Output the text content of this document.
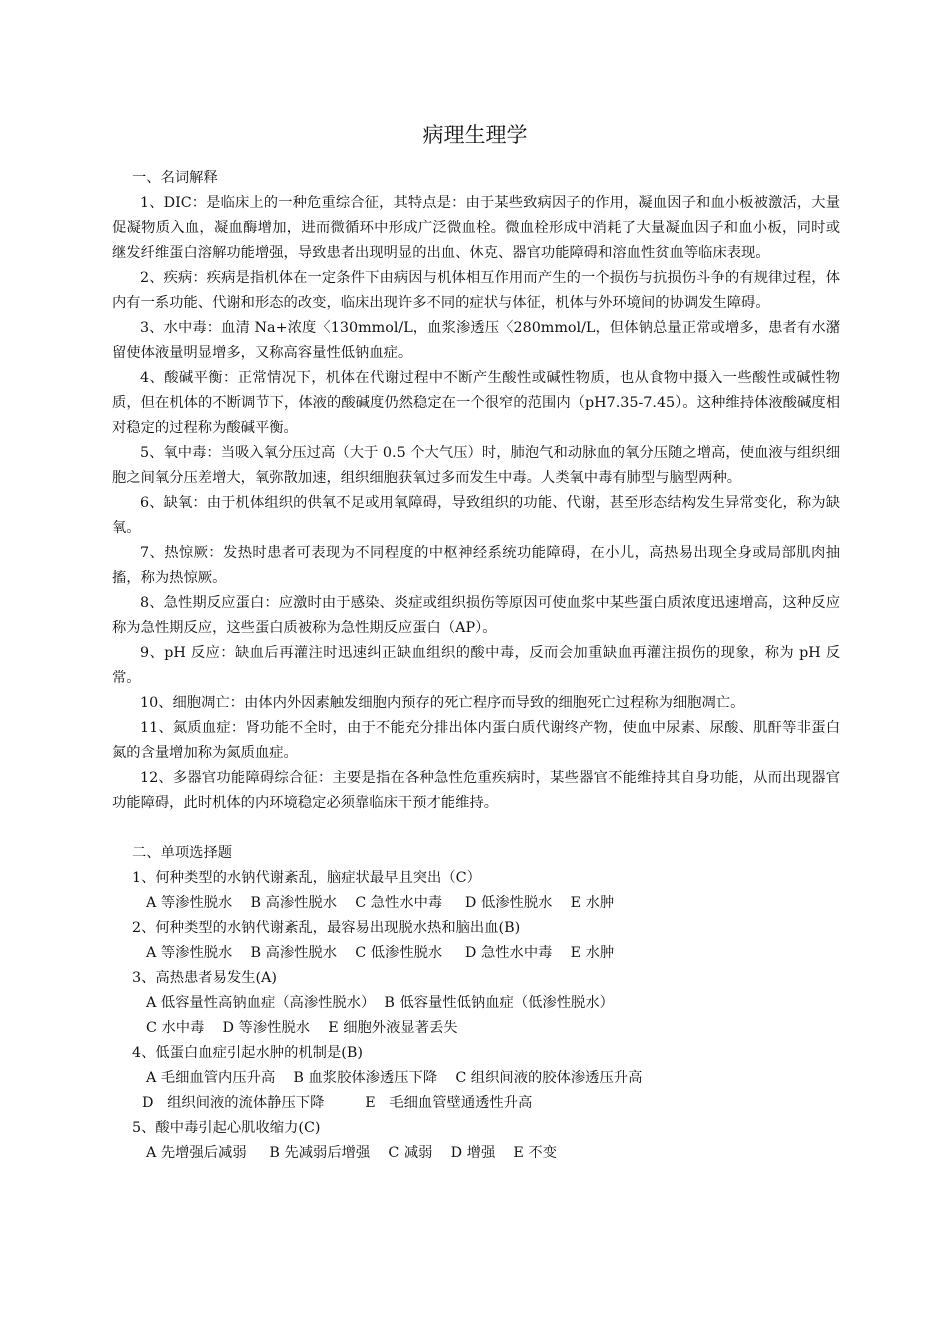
病理生理学

一、名词解释

1、DIC：是临床上的一种危重综合征，其特点是：由于某些致病因子的作用，凝血因子和血小板被激活，大量促凝物质入血，凝血酶增加，进而微循环中形成广泛微血栓。微血栓形成中消耗了大量凝血因子和血小板，同时或继发纤维蛋白溶解功能增强，导致患者出现明显的出血、休克、器官功能障碍和溶血性贫血等临床表现。

2、疾病：疾病是指机体在一定条件下由病因与机体相互作用而产生的一个损伤与抗损伤斗争的有规律过程，体内有一系功能、代谢和形态的改变，临床出现许多不同的症状与体征，机体与外环境间的协调发生障碍。

3、水中毒：血清 Na+浓度〈130mmol/L，血浆渗透压〈280mmol/L，但体钠总量正常或增多，患者有水潴留使体液量明显增多，又称高容量性低钠血症。

4、酸碱平衡：正常情况下，机体在代谢过程中不断产生酸性或碱性物质，也从食物中摄入一些酸性或碱性物质，但在机体的不断调节下，体液的酸碱度仍然稳定在一个很窄的范围内（pH7.35-7.45）。这种维持体液酸碱度相对稳定的过程称为酸碱平衡。

5、氧中毒：当吸入氧分压过高（大于 0.5 个大气压）时，肺泡气和动脉血的氧分压随之增高，使血液与组织细胞之间氧分压差增大，氧弥散加速，组织细胞获氧过多而发生中毒。人类氧中毒有肺型与脑型两种。

6、缺氧：由于机体组织的供氧不足或用氧障碍，导致组织的功能、代谢，甚至形态结构发生异常变化，称为缺氧。

7、热惊厥：发热时患者可表现为不同程度的中枢神经系统功能障碍，在小儿，高热易出现全身或局部肌肉抽搐，称为热惊厥。

8、急性期反应蛋白：应激时由于感染、炎症或组织损伤等原因可使血浆中某些蛋白质浓度迅速增高，这种反应称为急性期反应，这些蛋白质被称为急性期反应蛋白（AP）。

9、pH 反应：缺血后再灌注时迅速纠正缺血组织的酸中毒，反而会加重缺血再灌注损伤的现象，称为 pH 反常。

10、细胞凋亡：由体内外因素触发细胞内预存的死亡程序而导致的细胞死亡过程称为细胞凋亡。

11、氮质血症：肾功能不全时，由于不能充分排出体内蛋白质代谢终产物，使血中尿素、尿酸、肌酐等非蛋白氮的含量增加称为氮质血症。

12、多器官功能障碍综合征：主要是指在各种急性危重疾病时，某些器官不能维持其自身功能，从而出现器官功能障碍，此时机体的内环境稳定必须靠临床干预才能维持。

二、单项选择题

1、何种类型的水钠代谢紊乱，脑症状最早且突出（C）

A 等渗性脱水    B 高渗性脱水    C 急性水中毒     D 低渗性脱水    E 水肿

2、何种类型的水钠代谢紊乱，最容易出现脱水热和脑出血(B)

A 等渗性脱水    B 高渗性脱水    C 低渗性脱水     D 急性水中毒    E 水肿

3、高热患者易发生(A)

A 低容量性高钠血症（高渗性脱水）  B 低容量性低钠血症（低渗性脱水）
C 水中毒    D 等渗性脱水    E 细胞外液显著丢失

4、低蛋白血症引起水肿的机制是(B)

A 毛细血管内压升高    B 血浆胶体渗透压下降    C 组织间液的胶体渗透压升高
D   组织间液的流体静压下降         E   毛细血管壁通透性升高

5、酸中毒引起心肌收缩力(C)

A 先增强后减弱     B 先减弱后增强    C 减弱    D 增强    E 不变
